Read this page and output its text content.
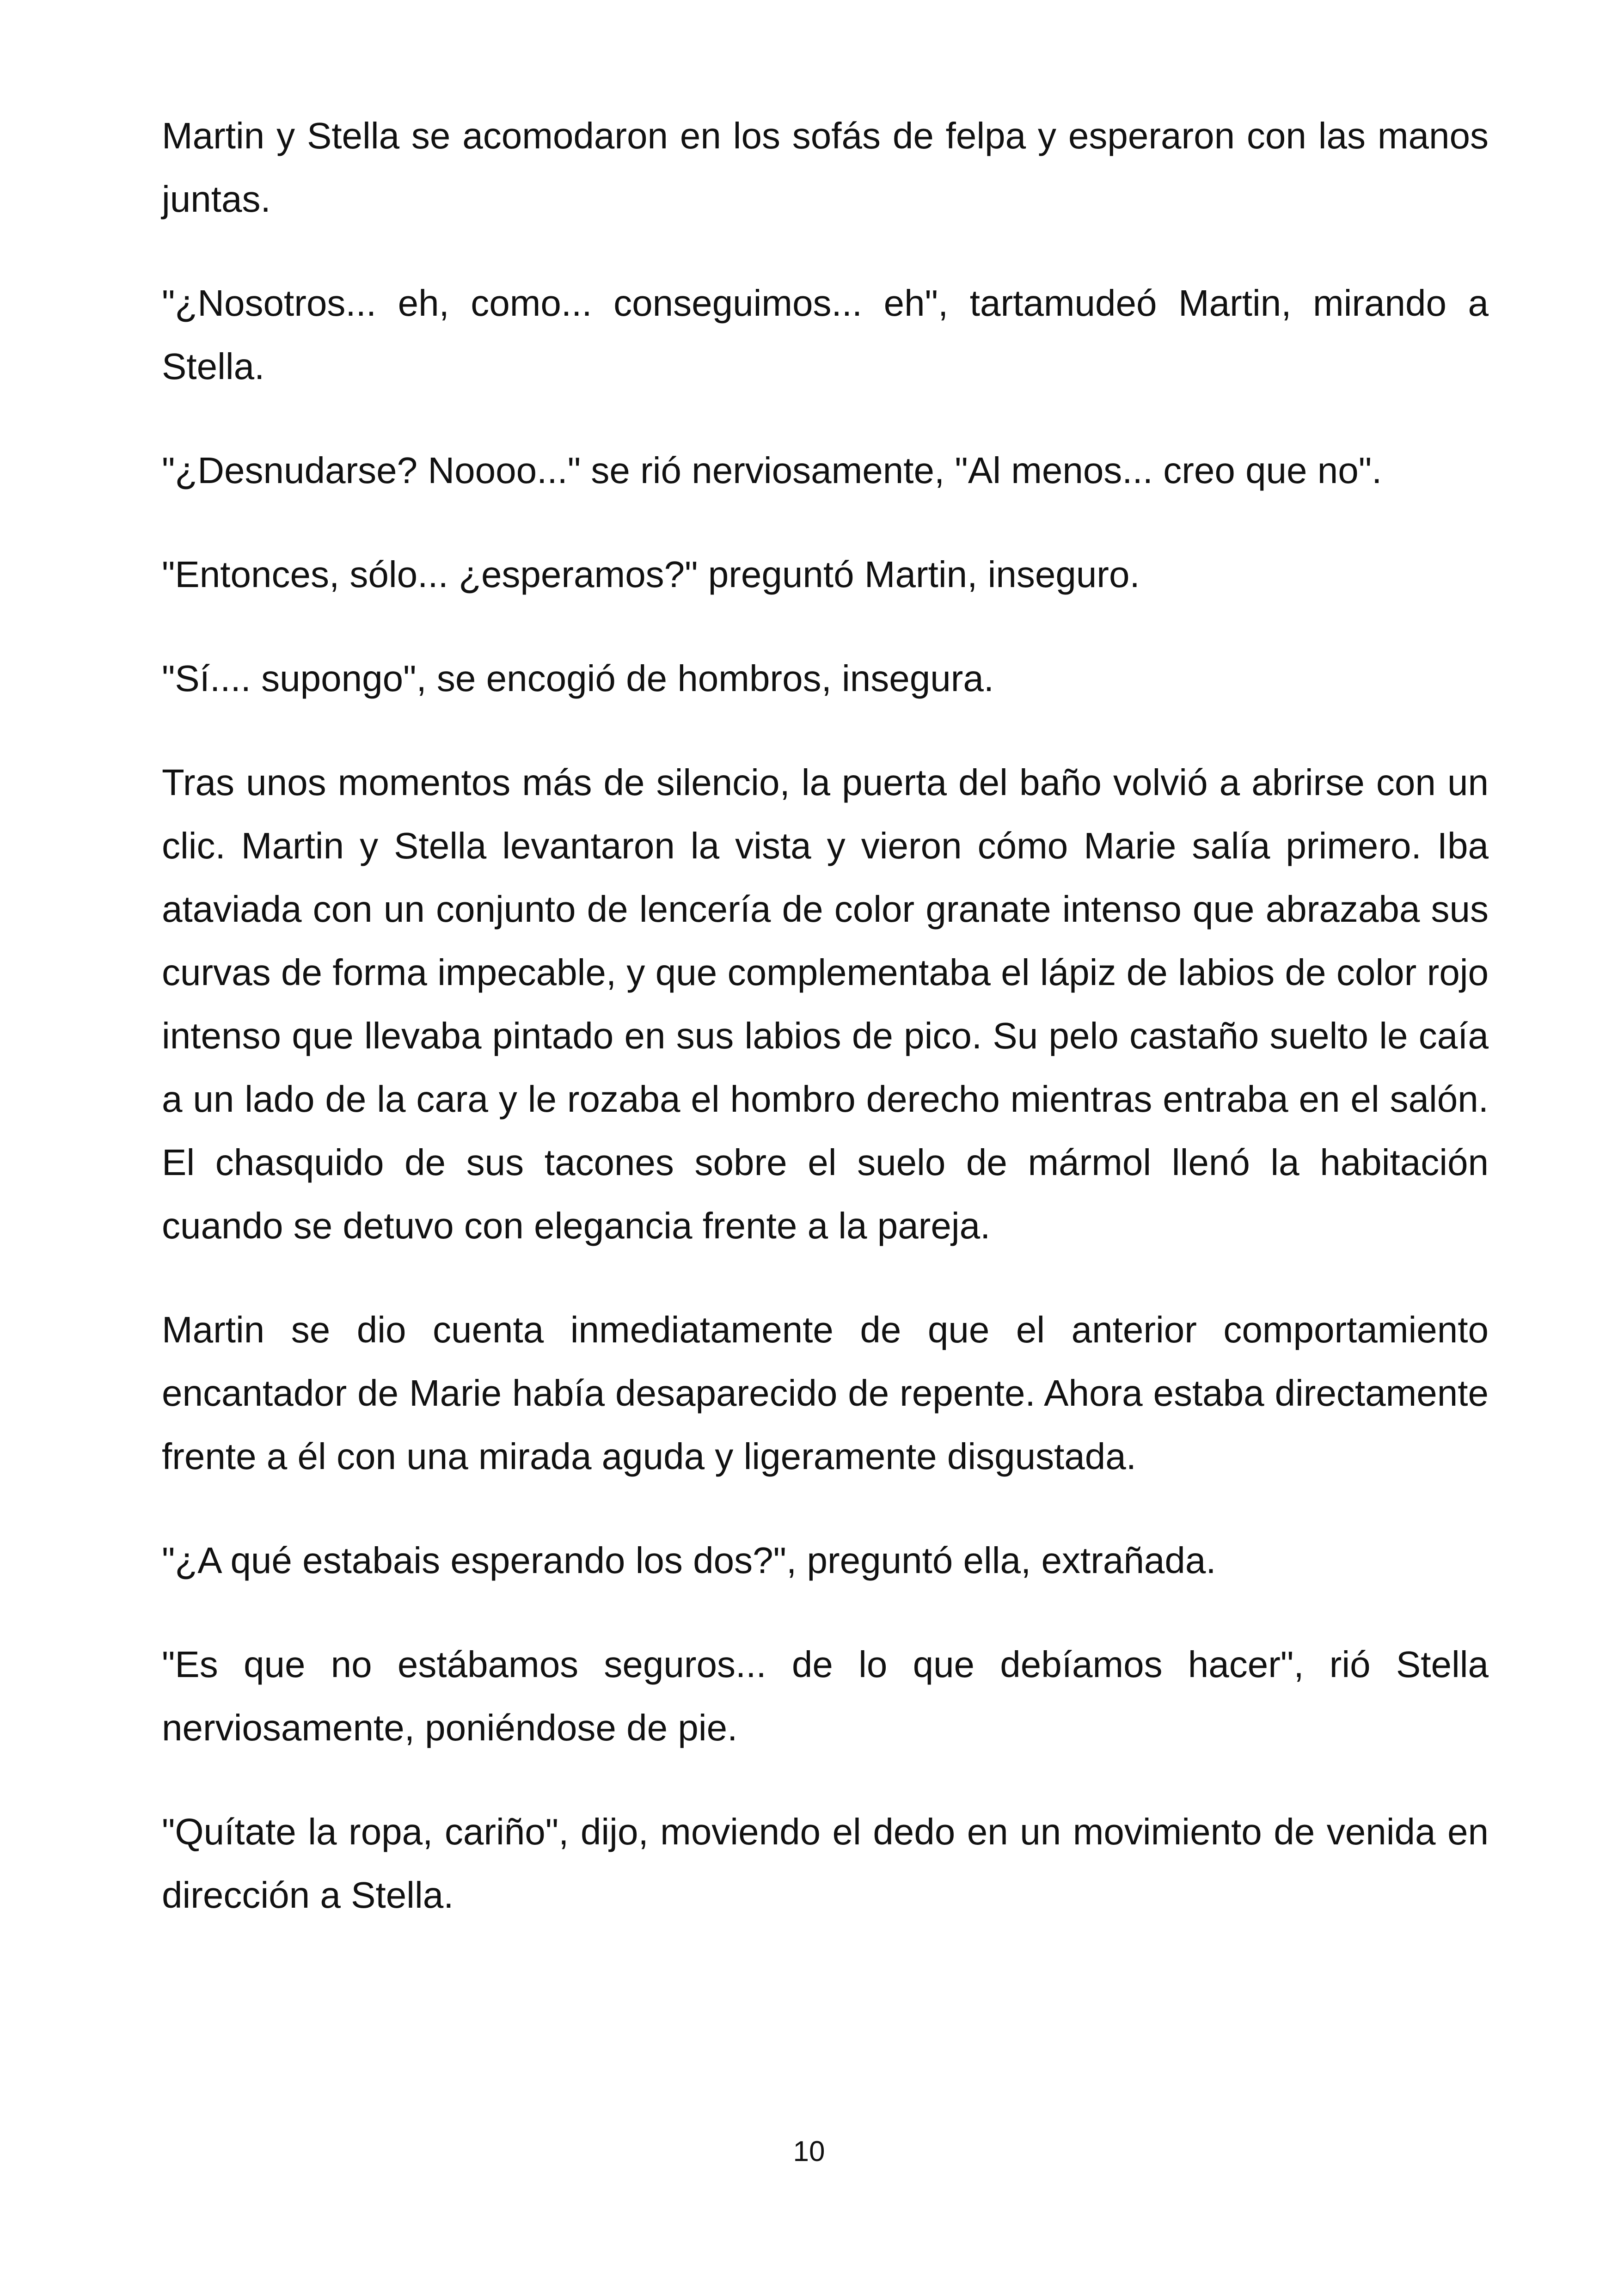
Martin y Stella se acomodaron en los sofás de felpa y esperaron con las manos juntas.

"¿Nosotros... eh, como... conseguimos... eh", tartamudeó Martin, mirando a Stella.

"¿Desnudarse? Noooo..." se rió nerviosamente, "Al menos... creo que no".

"Entonces, sólo... ¿esperamos?" preguntó Martin, inseguro.

"Sí.... supongo", se encogió de hombros, insegura.

Tras unos momentos más de silencio, la puerta del baño volvió a abrirse con un clic. Martin y Stella levantaron la vista y vieron cómo Marie salía primero. Iba ataviada con un conjunto de lencería de color granate intenso que abrazaba sus curvas de forma impecable, y que complementaba el lápiz de labios de color rojo intenso que llevaba pintado en sus labios de pico. Su pelo castaño suelto le caía a un lado de la cara y le rozaba el hombro derecho mientras entraba en el salón. El chasquido de sus tacones sobre el suelo de mármol llenó la habitación cuando se detuvo con elegancia frente a la pareja.

Martin se dio cuenta inmediatamente de que el anterior comportamiento encantador de Marie había desaparecido de repente. Ahora estaba directamente frente a él con una mirada aguda y ligeramente disgustada.

"¿A qué estabais esperando los dos?", preguntó ella, extrañada.

"Es que no estábamos seguros... de lo que debíamos hacer", rió Stella nerviosamente, poniéndose de pie.

"Quítate la ropa, cariño", dijo, moviendo el dedo en un movimiento de venida en dirección a Stella.

10
